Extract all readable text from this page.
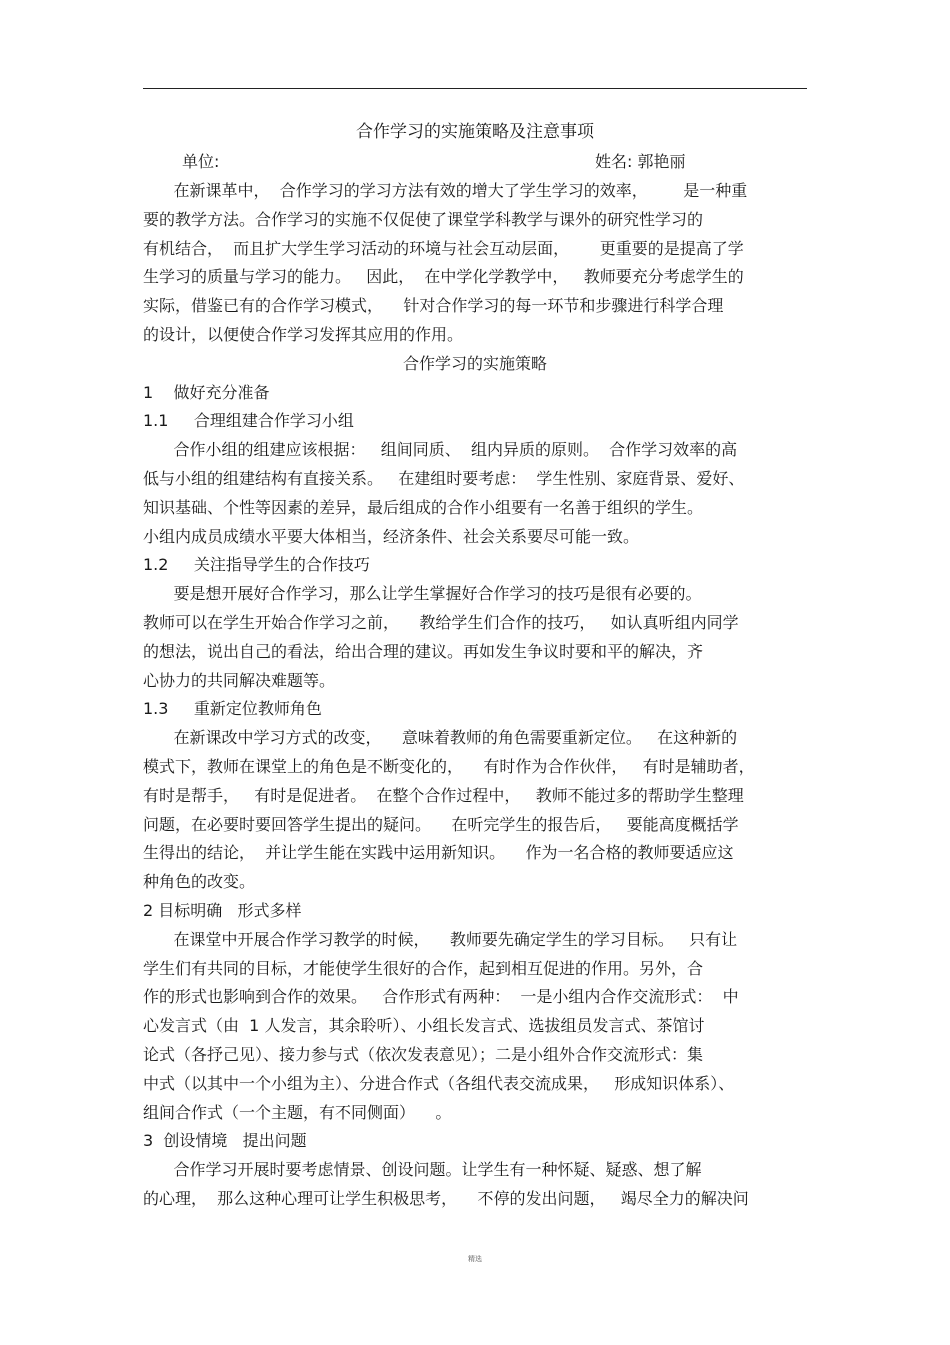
合作学习的实施策略及注意事项
单位:	姓名: 郭艳丽
在新课革中，  合作学习的学习方法有效的增大了学生学习的效率，       是一种重
要的教学方法。合作学习的实施不仅促使了课堂学科教学与课外的研究性学习的
有机结合，  而且扩大学生学习活动的环境与社会互动层面，      更重要的是提高了学
生学习的质量与学习的能力。   因此，  在中学化学教学中，   教师要充分考虑学生的
实际，借鉴已有的合作学习模式，    针对合作学习的每一环节和步骤进行科学合理
的设计，以便使合作学习发挥其应用的作用。
合作学习的实施策略
1    做好充分准备
1.1     合理组建合作学习小组
合作小组的组建应该根据：   组间同质、  组内异质的原则。  合作学习效率的高
低与小组的组建结构有直接关系。   在建组时要考虑：  学生性别、家庭背景、爱好、
知识基础、个性等因素的差异，最后组成的合作小组要有一名善于组织的学生。
小组内成员成绩水平要大体相当，经济条件、社会关系要尽可能一致。
1.2     关注指导学生的合作技巧
要是想开展好合作学习，那么让学生掌握好合作学习的技巧是很有必要的。
教师可以在学生开始合作学习之前，    教给学生们合作的技巧，   如认真听组内同学
的想法，说出自己的看法，给出合理的建议。再如发生争议时要和平的解决，齐
心协力的共同解决难题等。
1.3     重新定位教师角色
在新课改中学习方式的改变，    意味着教师的角色需要重新定位。   在这种新的
模式下，教师在课堂上的角色是不断变化的，    有时作为合作伙伴，   有时是辅助者，
有时是帮手，   有时是促进者。  在整个合作过程中，   教师不能过多的帮助学生整理
问题，在必要时要回答学生提出的疑问。    在听完学生的报告后，   要能高度概括学
生得出的结论，  并让学生能在实践中运用新知识。    作为一名合格的教师要适应这
种角色的改变。
2 目标明确   形式多样
在课堂中开展合作学习教学的时候，    教师要先确定学生的学习目标。   只有让
学生们有共同的目标，才能使学生很好的合作，起到相互促进的作用。另外，合
作的形式也影响到合作的效果。   合作形式有两种：  一是小组内合作交流形式：  中
心发言式（由  1 人发言，其余聆听）、小组长发言式、选拔组员发言式、茶馆讨
论式（各抒己见）、接力参与式（依次发表意见）；二是小组外合作交流形式：集
中式（以其中一个小组为主）、分进合作式（各组代表交流成果，   形成知识体系）、
组间合作式（一个主题，有不同侧面）    。
3  创设情境   提出问题
合作学习开展时要考虑情景、创设问题。让学生有一种怀疑、疑惑、想了解
的心理，  那么这种心理可让学生积极思考，    不停的发出问题，   竭尽全力的解决问
精选
